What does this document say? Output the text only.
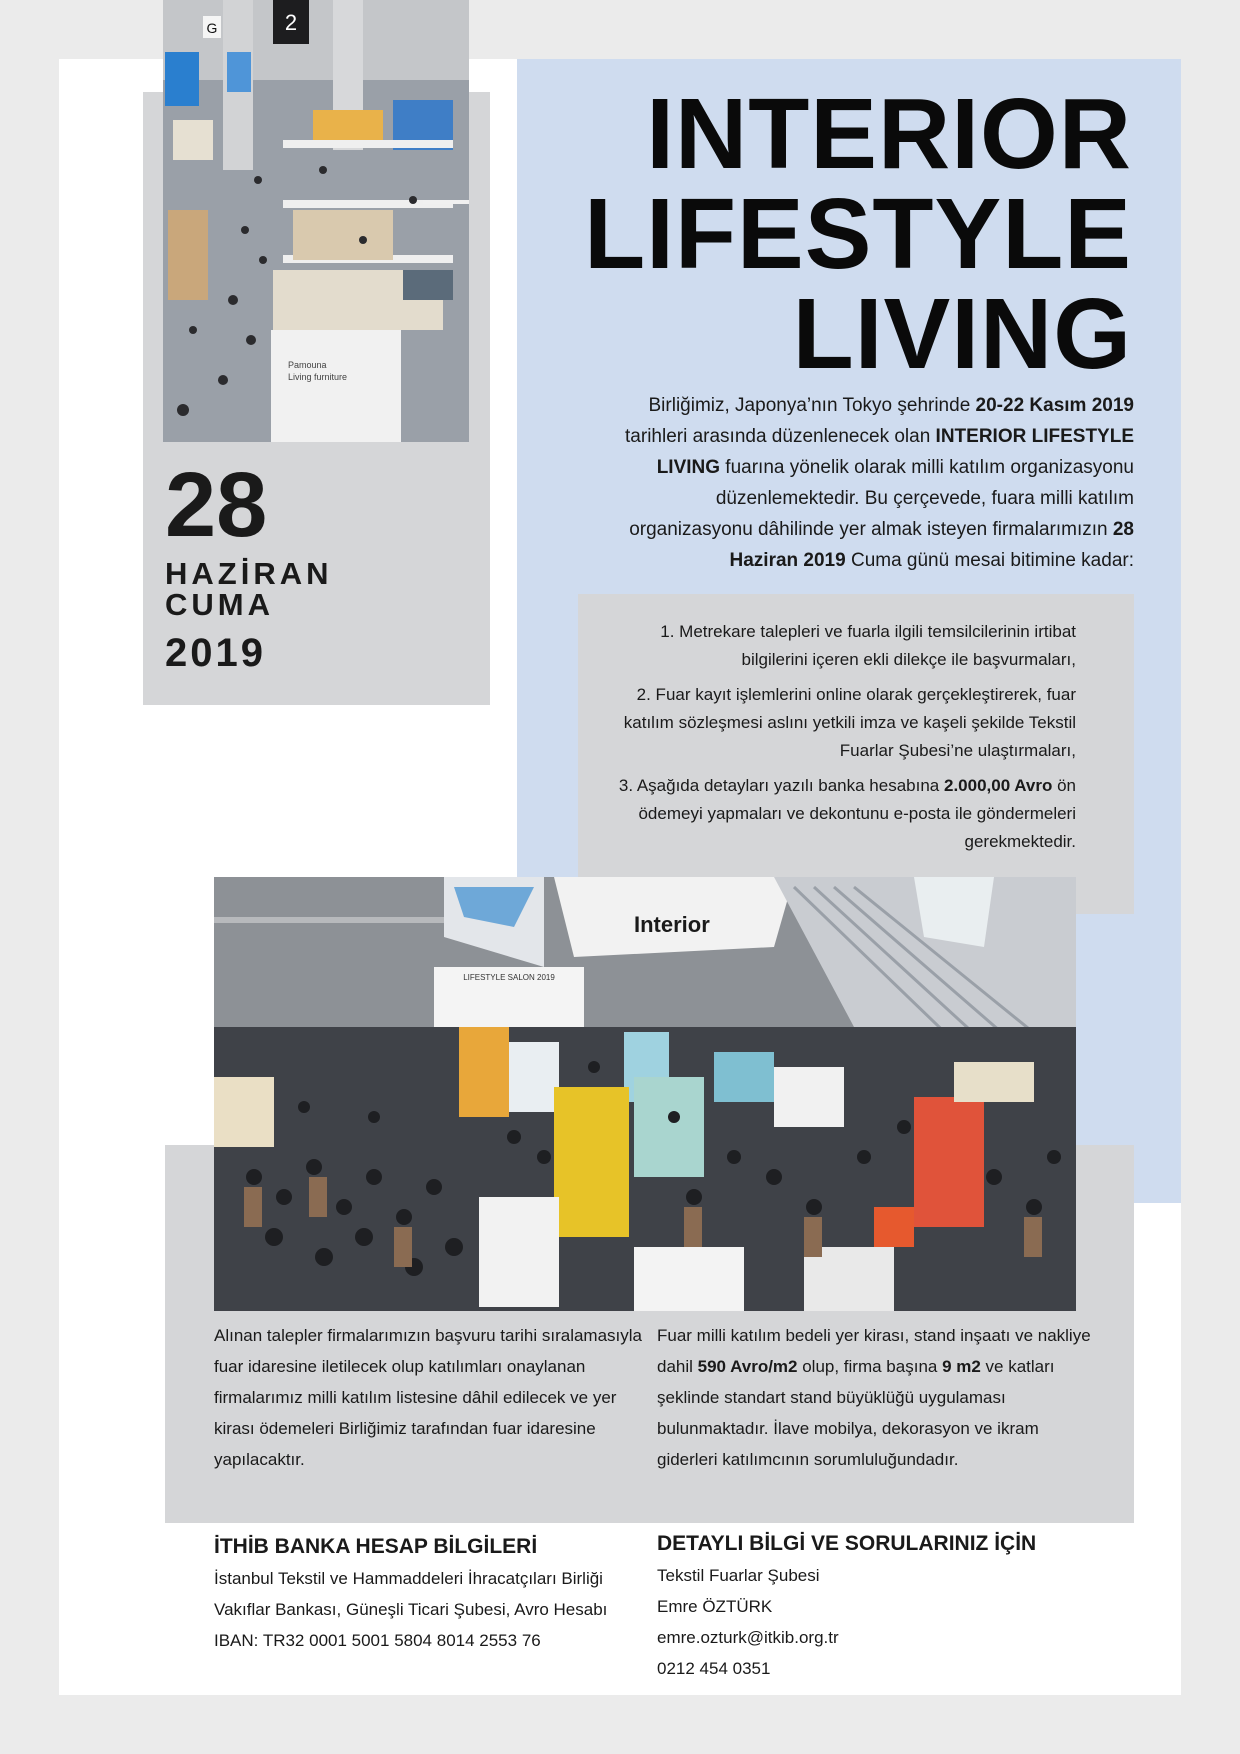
2
G
Pamouna
Living furniture
INTERIOR
LIFESTYLE
LIVING
Birliğimiz, Japonya’nın Tokyo şehrinde 20-22 Kasım 2019 tarihleri arasında düzenlenecek olan INTERIOR LIFESTYLE LIVING fuarına yönelik olarak milli katılım organizasyonu düzenlemektedir. Bu çerçevede, fuara milli katılım organizasyonu dâhilinde yer almak isteyen firmalarımızın 28 Haziran 2019 Cuma günü mesai bitimine kadar:
28
HAZİRAN
CUMA
2019	1. Metrekare talepleri ve fuarla ilgili temsilcilerinin irtibat bilgilerini içeren ekli dilekçe ile başvurmaları,

2. Fuar kayıt işlemlerini online olarak gerçekleştirerek, fuar katılım sözleşmesi aslını yetkili imza ve kaşeli şekilde Tekstil Fuarlar Şubesi’ne ulaştırmaları,

3. Aşağıda detayları yazılı banka hesabına 2.000,00 Avro ön ödemeyi yapmaları ve dekontunu e-posta ile göndermeleri gerekmektedir.

Interior
LIFESTYLE SALON 2019
Alınan talepler firmalarımızın başvuru tarihi sıralamasıyla fuar idaresine iletilecek olup katılımları onaylanan firmalarımız milli katılım listesine dâhil edilecek ve yer kirası ödemeleri Birliğimiz tarafından fuar idaresine yapılacaktır.
Fuar milli katılım bedeli yer kirası, stand inşaatı ve nakliye dahil 590 Avro/m2 olup, firma başına 9 m2 ve katları şeklinde standart stand büyüklüğü uygulaması bulunmaktadır. İlave mobilya, dekorasyon ve ikram giderleri katılımcının sorumluluğundadır.
İTHİB BANKA HESAP BİLGİLERİ
İstanbul Tekstil ve Hammaddeleri İhracatçıları Birliği
Vakıflar Bankası, Güneşli Ticari Şubesi, Avro Hesabı
IBAN: TR32 0001 5001 5804 8014 2553 76
DETAYLI BİLGİ VE SORULARINIZ İÇİN
Tekstil Fuarlar Şubesi
Emre ÖZTÜRK
emre.ozturk@itkib.org.tr
0212 454 0351
